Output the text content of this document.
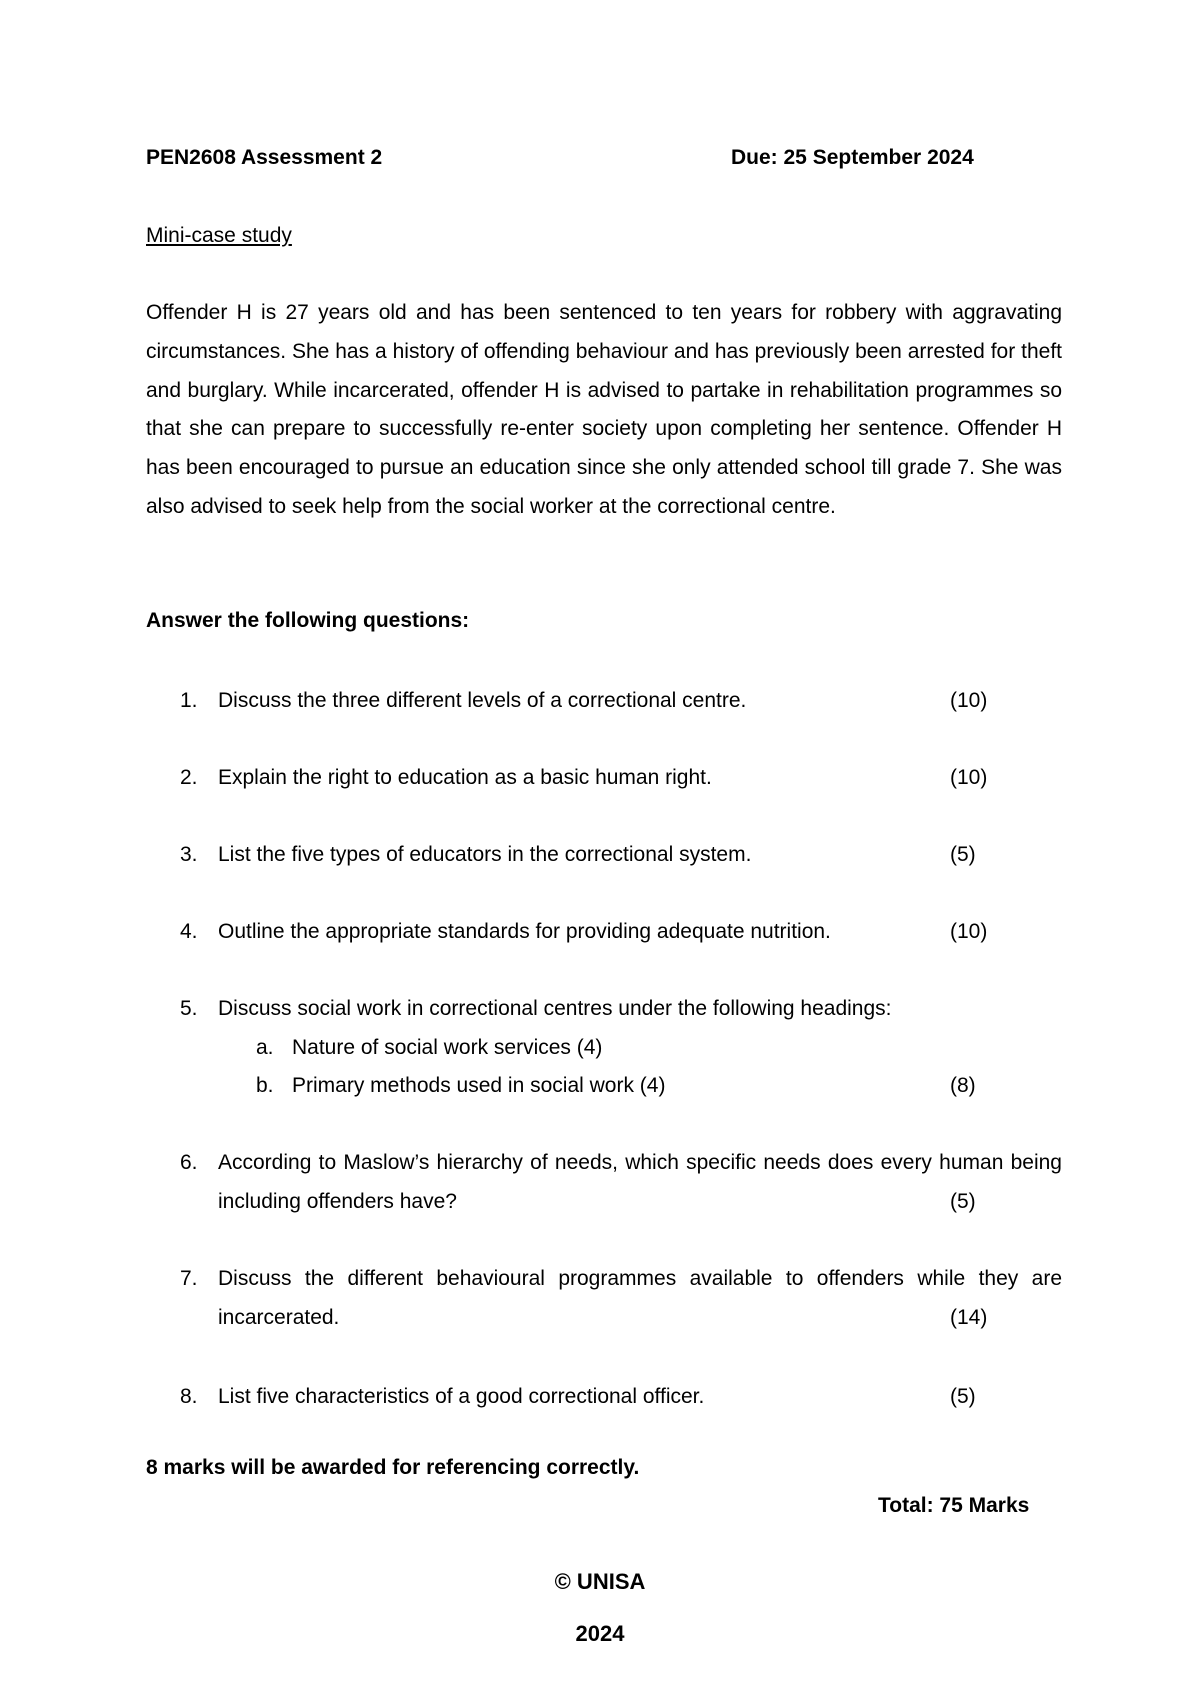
PEN2608 Assessment 2	Due: 25 September 2024
Mini-case study

Offender H is 27 years old and has been sentenced to ten years for robbery with aggravating circumstances. She has a history of offending behaviour and has previously been arrested for theft and burglary. While incarcerated, offender H is advised to partake in rehabilitation programmes so that she can prepare to successfully re-enter society upon completing her sentence. Offender H has been encouraged to pursue an education since she only attended school till grade 7. She was also advised to seek help from the social worker at the correctional centre.

Answer the following questions:
1. Discuss the three different levels of a correctional centre.	(10)
2. Explain the right to education as a basic human right.	(10)
3. List the five types of educators in the correctional system.	(5)
4. Outline the appropriate standards for providing adequate nutrition.	(10)
5. Discuss social work in correctional centres under the following headings:
a. Nature of social work services (4)
b. Primary methods used in social work (4)	(8)
6. According to Maslow’s hierarchy of needs, which specific needs does every human being including offenders have?	(5)
7. Discuss the different behavioural programmes available to offenders while they are incarcerated.	(14)
8. List five characteristics of a good correctional officer.	(5)
8 marks will be awarded for referencing correctly.
Total: 75 Marks
© UNISA
2024
